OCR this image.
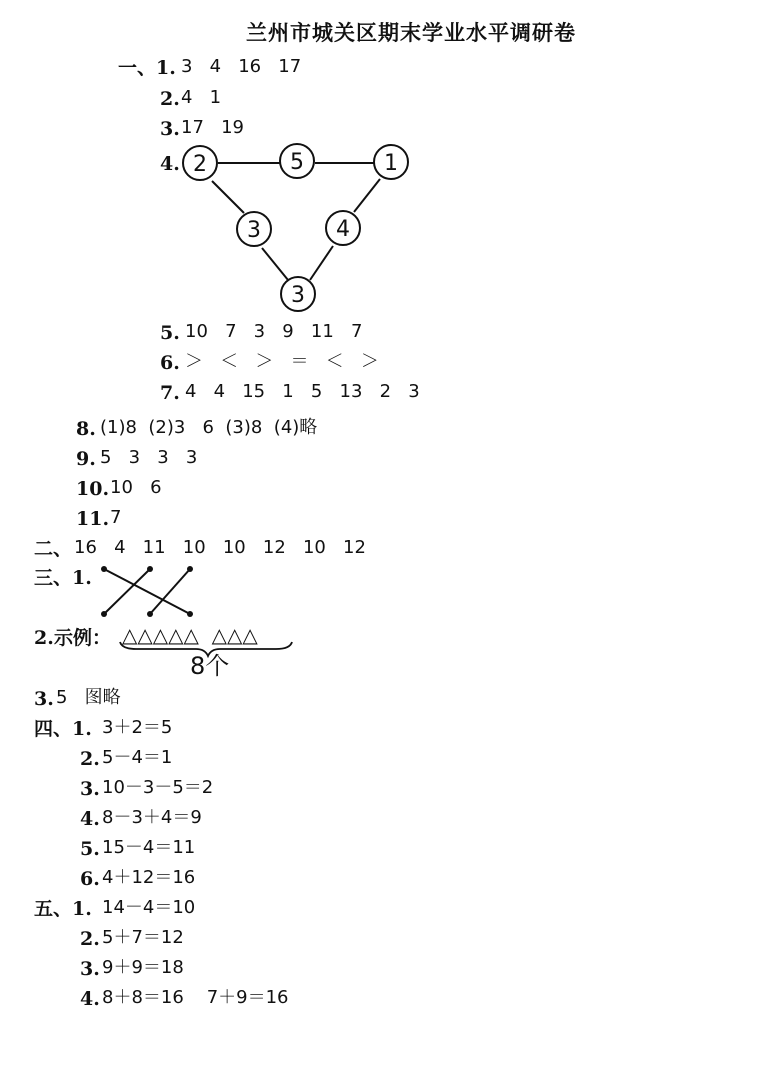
兰州市城关区期末学业水平调研卷
一、1. 3   4   16   17
2. 4   1
3. 17   19
4. 2	5	1
3	4
3
5. 10   7   3   9   11   7
6. ＞   ＜   ＞   ＝   ＜   ＞
7. 4   4   15   1   5   13   2   3
8. (1)8  (2)3   6  (3)8  (4)略
9. 5   3   3   3
10. 10   6
11. 7
二、 16   4   11   10   10   12   10   12
三、1.
2. 示例： △△△△△  △△△
8个
3. 5   图略
四、1. 3＋2＝5
2. 5－4＝1
3. 10－3－5＝2
4. 8－3＋4＝9
5. 15－4＝11
6. 4＋12＝16
五、1. 14－4＝10
2. 5＋7＝12
3. 9＋9＝18
4. 8＋8＝16    7＋9＝16
